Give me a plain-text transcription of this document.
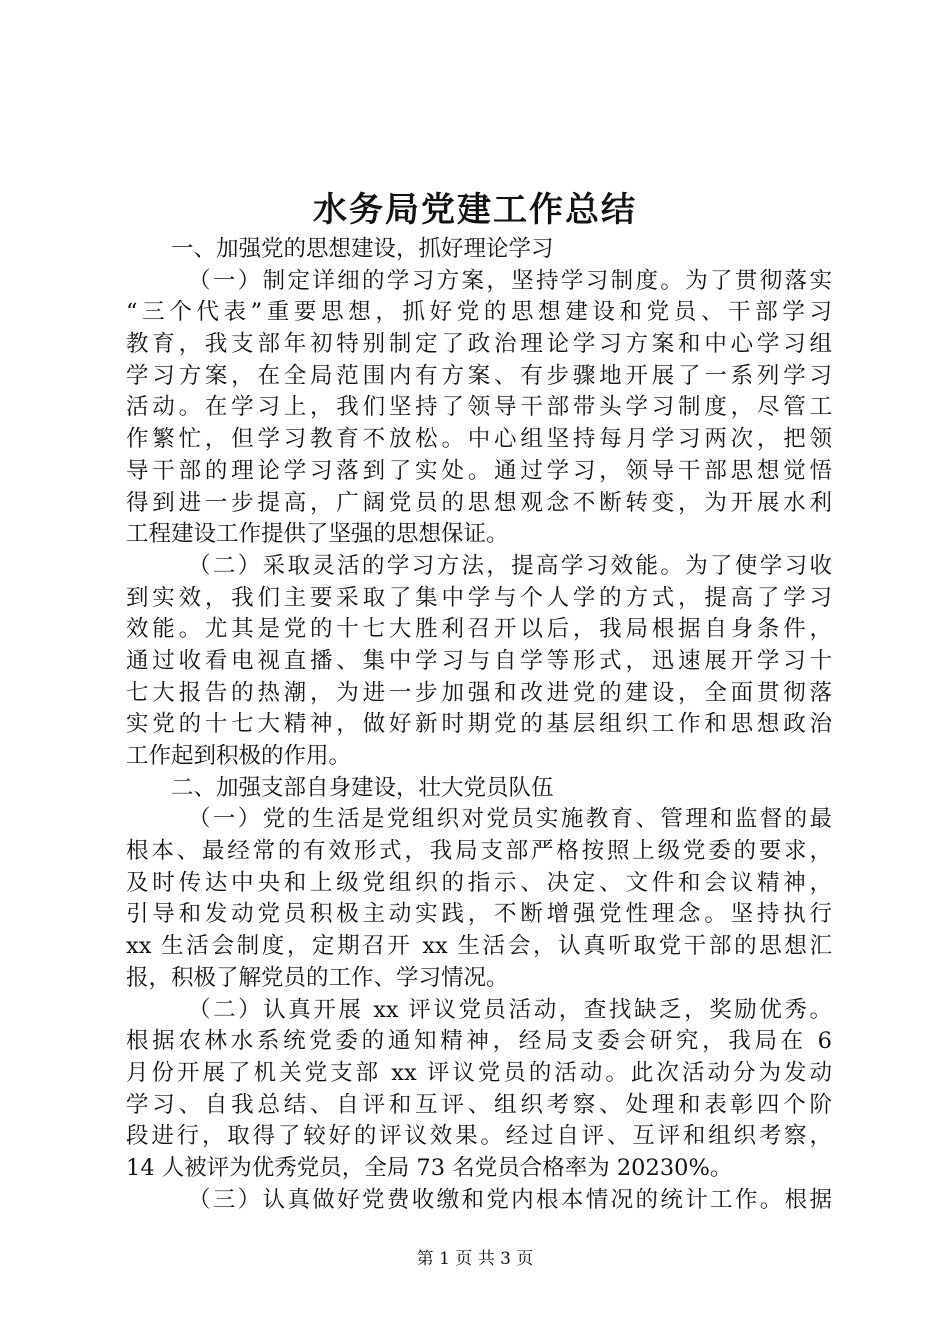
水务局党建工作总结
一、加强党的思想建设，抓好理论学习
（一）制定详细的学习方案，坚持学习制度。为了贯彻落实
“三个代表”重要思想，抓好党的思想建设和党员、干部学习
教育，我支部年初特别制定了政治理论学习方案和中心学习组
学习方案，在全局范围内有方案、有步骤地开展了一系列学习
活动。在学习上，我们坚持了领导干部带头学习制度，尽管工
作繁忙，但学习教育不放松。中心组坚持每月学习两次，把领
导干部的理论学习落到了实处。通过学习，领导干部思想觉悟
得到进一步提高，广阔党员的思想观念不断转变，为开展水利
工程建设工作提供了坚强的思想保证。
（二）采取灵活的学习方法，提高学习效能。为了使学习收
到实效，我们主要采取了集中学与个人学的方式，提高了学习
效能。尤其是党的十七大胜利召开以后，我局根据自身条件，
通过收看电视直播、集中学习与自学等形式，迅速展开学习十
七大报告的热潮，为进一步加强和改进党的建设，全面贯彻落
实党的十七大精神，做好新时期党的基层组织工作和思想政治
工作起到积极的作用。
二、加强支部自身建设，壮大党员队伍
（一）党的生活是党组织对党员实施教育、管理和监督的最
根本、最经常的有效形式，我局支部严格按照上级党委的要求，
及时传达中央和上级党组织的指示、决定、文件和会议精神，
引导和发动党员积极主动实践，不断增强党性理念。坚持执行
xx 生活会制度，定期召开 xx 生活会，认真听取党干部的思想汇
报，积极了解党员的工作、学习情况。
（二）认真开展 xx 评议党员活动，查找缺乏，奖励优秀。
根据农林水系统党委的通知精神，经局支委会研究，我局在 6
月份开展了机关党支部 xx 评议党员的活动。此次活动分为发动
学习、自我总结、自评和互评、组织考察、处理和表彰四个阶
段进行，取得了较好的评议效果。经过自评、互评和组织考察，
14 人被评为优秀党员，全局 73 名党员合格率为 20230%。
（三）认真做好党费收缴和党内根本情况的统计工作。根据
第 1 页 共 3 页
